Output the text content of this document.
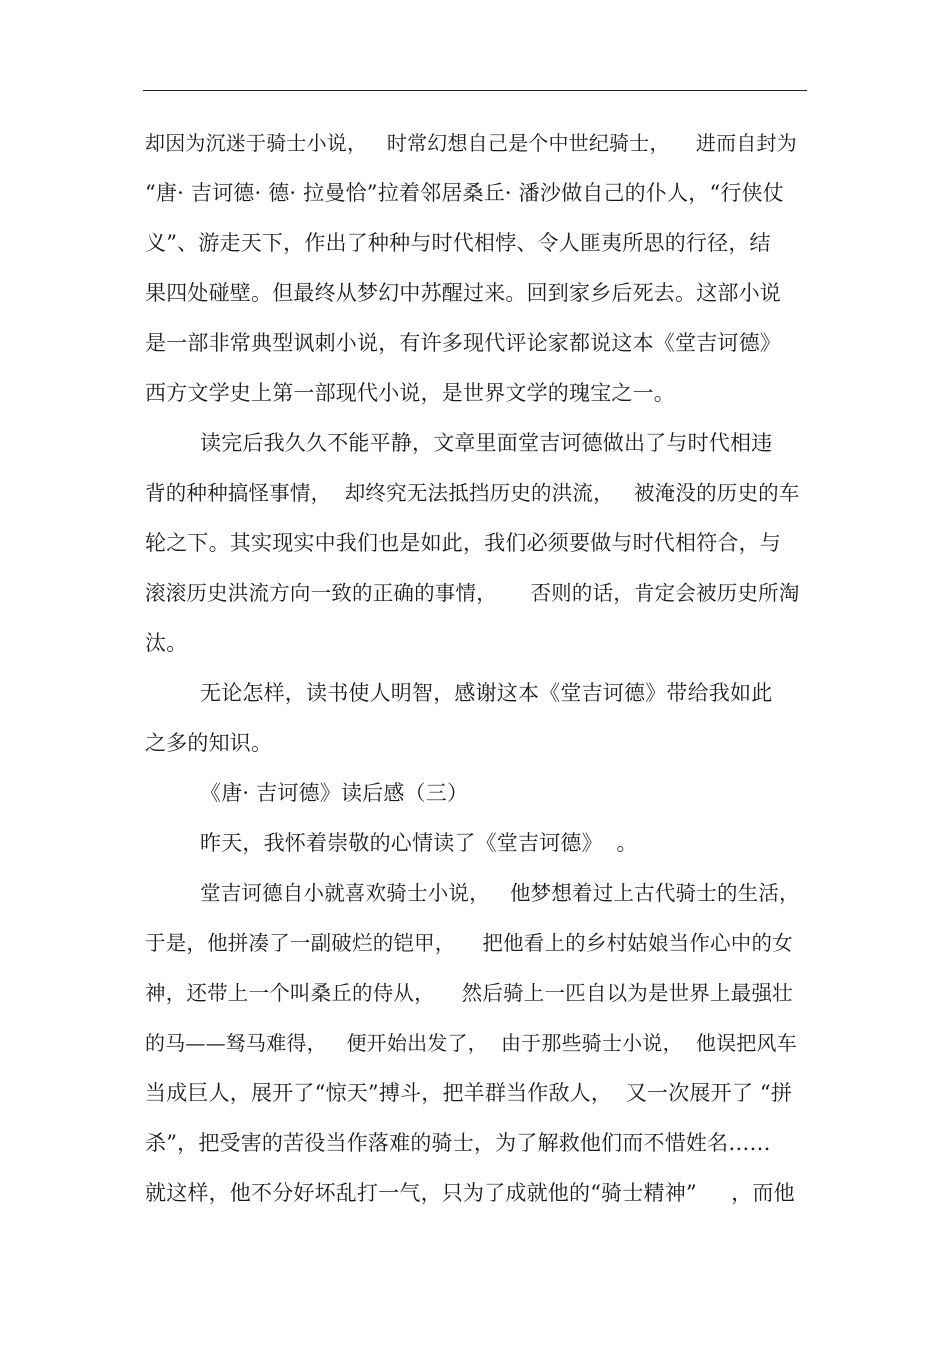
却因为沉迷于骑士小说，   时常幻想自己是个中世纪骑士，    进而自封为
“唐· 吉诃德· 德· 拉曼恰”拉着邻居桑丘· 潘沙做自己的仆人，“行侠仗
义”、游走天下，作出了种种与时代相悖、令人匪夷所思的行径，结
果四处碰壁。但最终从梦幻中苏醒过来。回到家乡后死去。这部小说
是一部非常典型讽刺小说，有许多现代评论家都说这本《堂吉诃德》
西方文学史上第一部现代小说，是世界文学的瑰宝之一。
读完后我久久不能平静，文章里面堂吉诃德做出了与时代相违
背的种种搞怪事情，  却终究无法抵挡历史的洪流，   被淹没的历史的车
轮之下。其实现实中我们也是如此，我们必须要做与时代相符合，与
滚滚历史洪流方向一致的正确的事情，     否则的话，肯定会被历史所淘
汰。
无论怎样，读书使人明智，感谢这本《堂吉诃德》带给我如此
之多的知识。
《唐· 吉诃德》读后感（三）
昨天，我怀着崇敬的心情读了《堂吉诃德》  。
堂吉诃德自小就喜欢骑士小说，   他梦想着过上古代骑士的生活，
于是，他拼凑了一副破烂的铠甲，    把他看上的乡村姑娘当作心中的女
神，还带上一个叫桑丘的侍从，    然后骑上一匹自以为是世界上最强壮
的马——驽马难得，   便开始出发了，  由于那些骑士小说，  他误把风车
当成巨人，展开了“惊天”搏斗，把羊群当作敌人，  又一次展开了 “拼
杀”，把受害的苦役当作落难的骑士，为了解救他们而不惜姓名……
就这样，他不分好坏乱打一气，只为了成就他的“骑士精神”     ，而他
